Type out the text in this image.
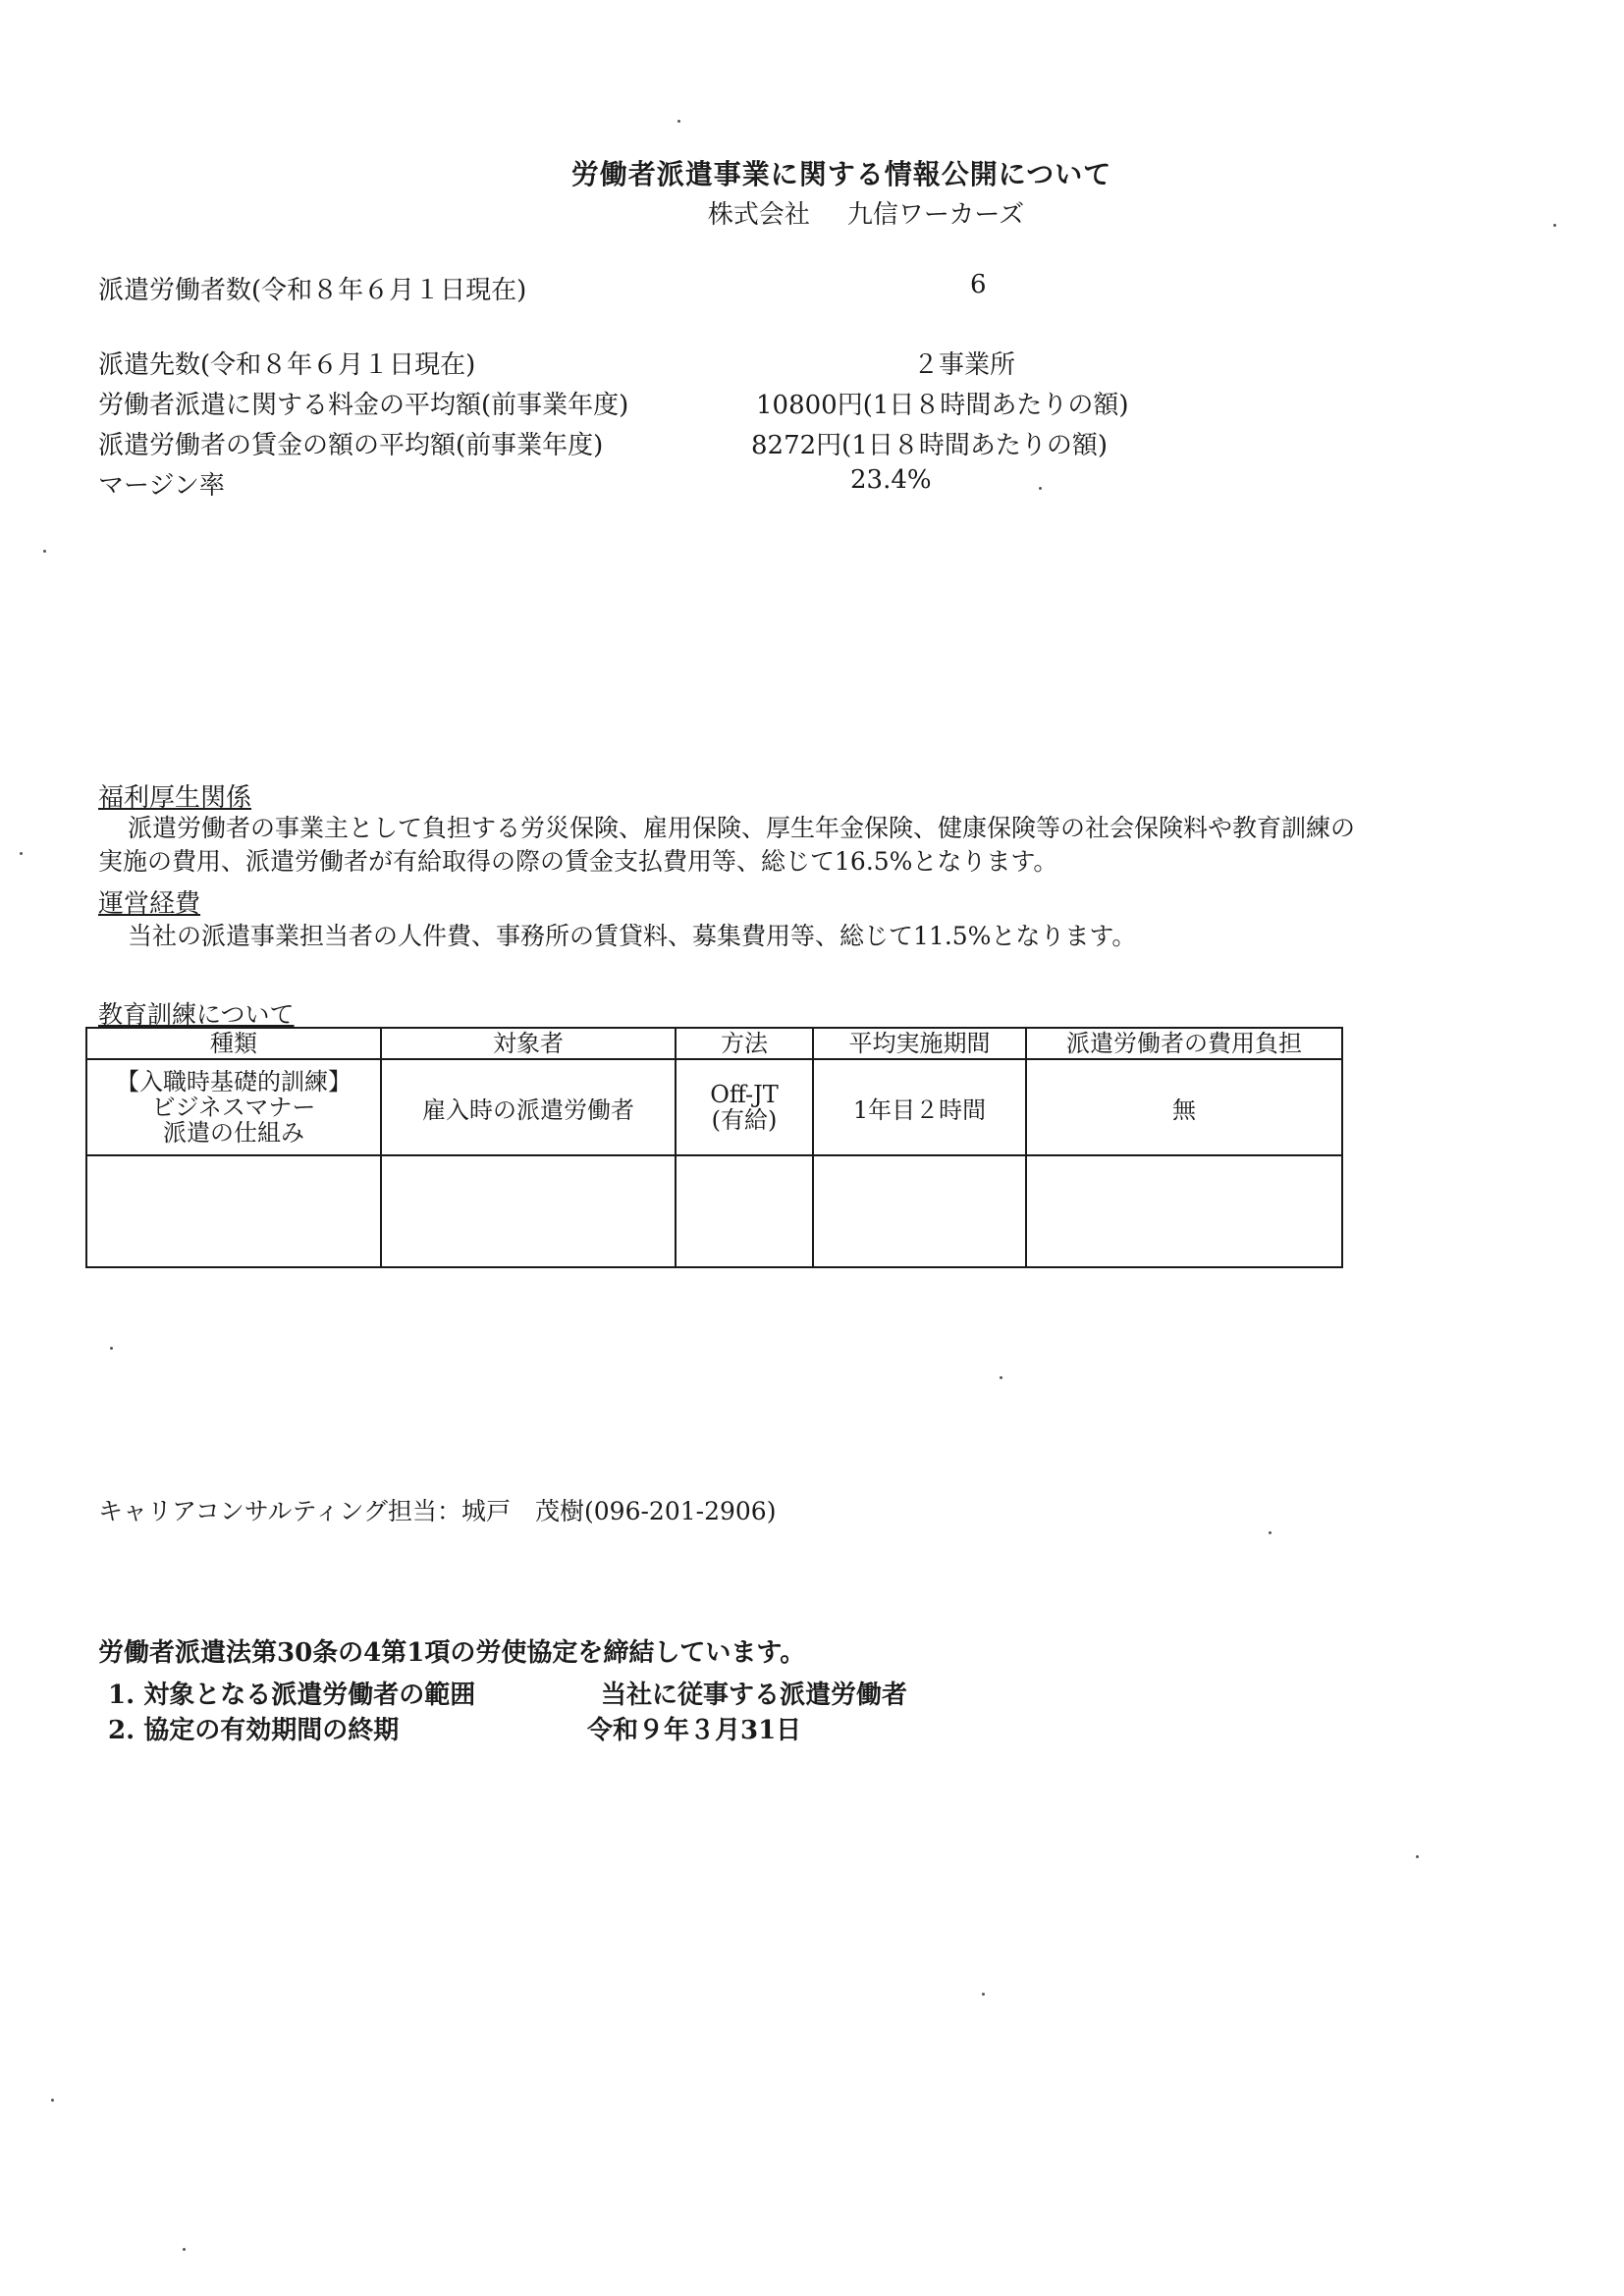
労働者派遣事業に関する情報公開について
株式会社 九信ワーカーズ
派遣労働者数(令和８年６月１日現在)	6
派遣先数(令和８年６月１日現在)	２事業所
労働者派遣に関する料金の平均額(前事業年度)	10800円(1日８時間あたりの額)
派遣労働者の賃金の額の平均額(前事業年度)	8272円(1日８時間あたりの額)
マージン率	23.4%
福利厚生関係
派遣労働者の事業主として負担する労災保険、雇用保険、厚生年金保険、健康保険等の社会保険料や教育訓練の
実施の費用、派遣労働者が有給取得の際の賃金支払費用等、総じて16.5%となります。
運営経費
当社の派遣事業担当者の人件費、事務所の賃貸料、募集費用等、総じて11.5%となります。
教育訓練について
種類	対象者	方法	平均実施期間	派遣労働者の費用負担

【入職時基礎的訓練】
ビジネスマナー
派遣の仕組み	雇入時の派遣労働者	Off-JT
(有給)	1年目２時間	無

キャリアコンサルティング担当：城戸　茂樹(096-201-2906)
労働者派遣法第30条の4第1項の労使協定を締結しています。
1. 対象となる派遣労働者の範囲	当社に従事する派遣労働者
2. 協定の有効期間の終期	令和９年３月31日
